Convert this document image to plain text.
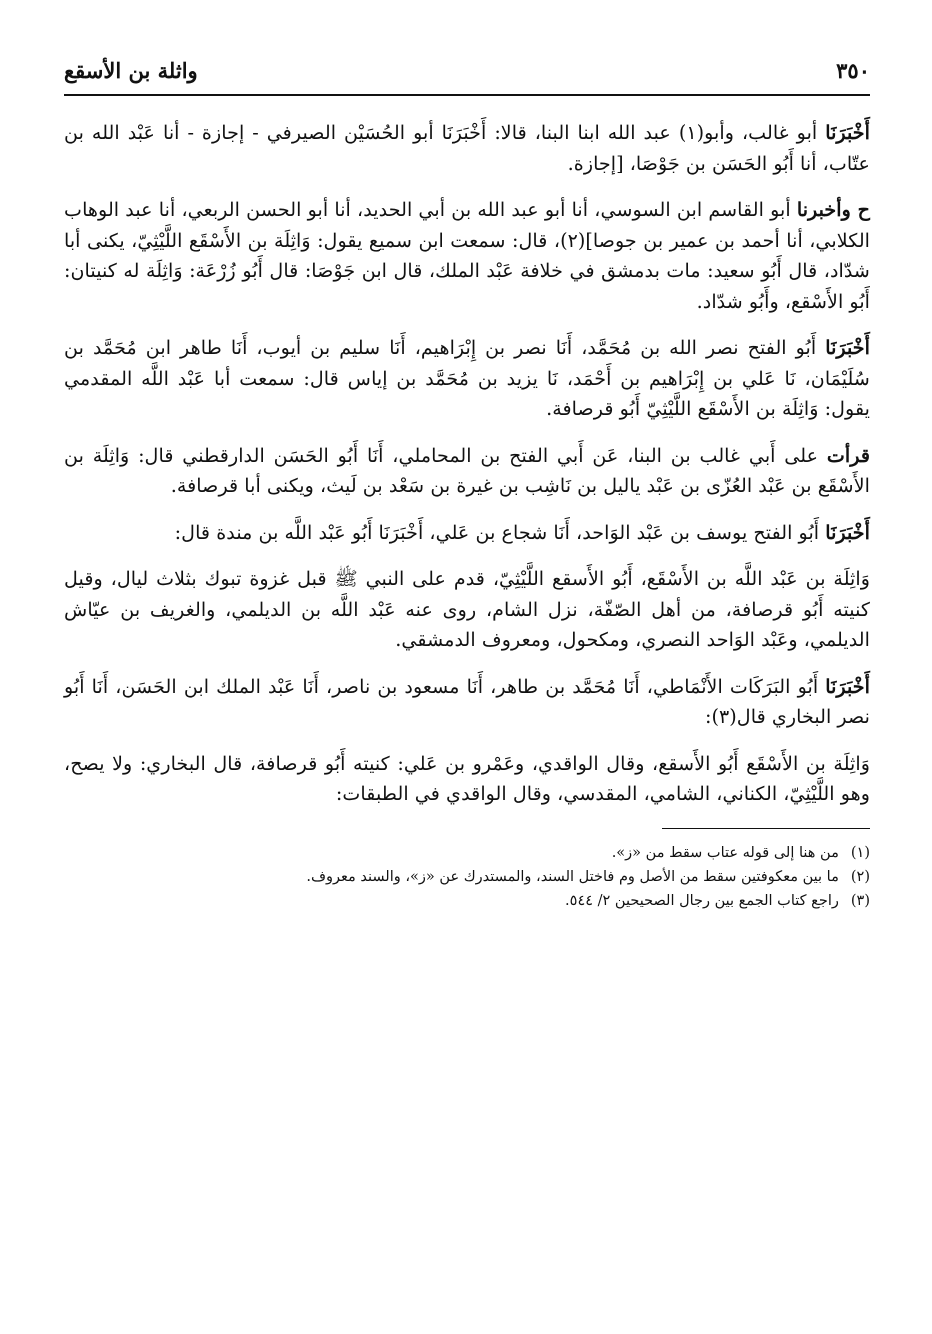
٣٥٠
واثلة بن الأسقع

أَخْبَرَنَا أبو غالب، وأبو(١) عبد الله ابنا البنا، قالا: أَخْبَرَنَا أبو الحُسَيْن الصيرفي - إجازة - أنا عَبْد الله بن عتّاب، أنا أَبُو الحَسَن بن جَوْصَا، [إجازة.

ح وأخبرنا أبو القاسم ابن السوسي، أنا أبو عبد الله بن أبي الحديد، أنا أبو الحسن الربعي، أنا عبد الوهاب الكلابي، أنا أحمد بن عمير بن جوصا](٢)، قال: سمعت ابن سميع يقول: وَاثِلَة بن الأَسْقَع اللَّيْثِيّ، يكنى أبا شدّاد، قال أَبُو سعيد: مات بدمشق في خلافة عَبْد الملك، قال ابن جَوْصَا: قال أَبُو زُرْعَة: وَاثِلَة له كنيتان: أَبُو الأَسْقع، وأَبُو شدّاد.

أَخْبَرَنَا أَبُو الفتح نصر الله بن مُحَمَّد، أَنَا نصر بن إِبْرَاهيم، أَنَا سليم بن أيوب، أَنَا طاهر ابن مُحَمَّد بن سُلَيْمَان، نَا عَلي بن إِبْرَاهيم بن أَحْمَد، نَا يزيد بن مُحَمَّد بن إياس قال: سمعت أبا عَبْد اللَّه المقدمي يقول: وَاثِلَة بن الأَسْقَع اللَّيْثِيّ أَبُو قرصافة.

قرأت على أَبي غالب بن البنا، عَن أَبي الفتح بن المحاملي، أَنَا أَبُو الحَسَن الدارقطني قال: وَاثِلَة بن الأَسْقَع بن عَبْد العُزّى بن عَبْد ياليل بن نَاشِب بن غيرة بن سَعْد بن لَيث، ويكنى أبا قرصافة.

أَخْبَرَنَا أَبُو الفتح يوسف بن عَبْد الوَاحد، أَنَا شجاع بن عَلي، أَخْبَرَنَا أَبُو عَبْد اللَّه بن مندة قال:

وَاثِلَة بن عَبْد اللَّه بن الأَسْقَع، أَبُو الأَسقع اللَّيْثِيّ، قدم على النبي ﷺ قبل غزوة تبوك بثلاث ليال، وقيل كنيته أَبُو قرصافة، من أهل الصّفّة، نزل الشام، روى عنه عَبْد اللَّه بن الديلمي، والغريف بن عيّاش الديلمي، وعَبْد الوَاحد النصري، ومكحول، ومعروف الدمشقي.

أَخْبَرَنَا أَبُو البَرَكَات الأَنْمَاطي، أَنَا مُحَمَّد بن طاهر، أَنَا مسعود بن ناصر، أَنَا عَبْد الملك ابن الحَسَن، أَنَا أَبُو نصر البخاري قال(٣):

وَاثِلَة بن الأَسْقَع أَبُو الأَسقع، وقال الواقدي، وعَمْرو بن عَلي: كنيته أَبُو قرصافة، قال البخاري: ولا يصح، وهو اللَّيْثِيّ، الكناني، الشامي، المقدسي، وقال الواقدي في الطبقات:

(١)
من هنا إلى قوله عتاب سقط من «ز».

(٢)
ما بين معكوفتين سقط من الأصل وم فاختل السند، والمستدرك عن «ز»، والسند معروف.

(٣)
راجع كتاب الجمع بين رجال الصحيحين ٢/ ٥٤٤.
